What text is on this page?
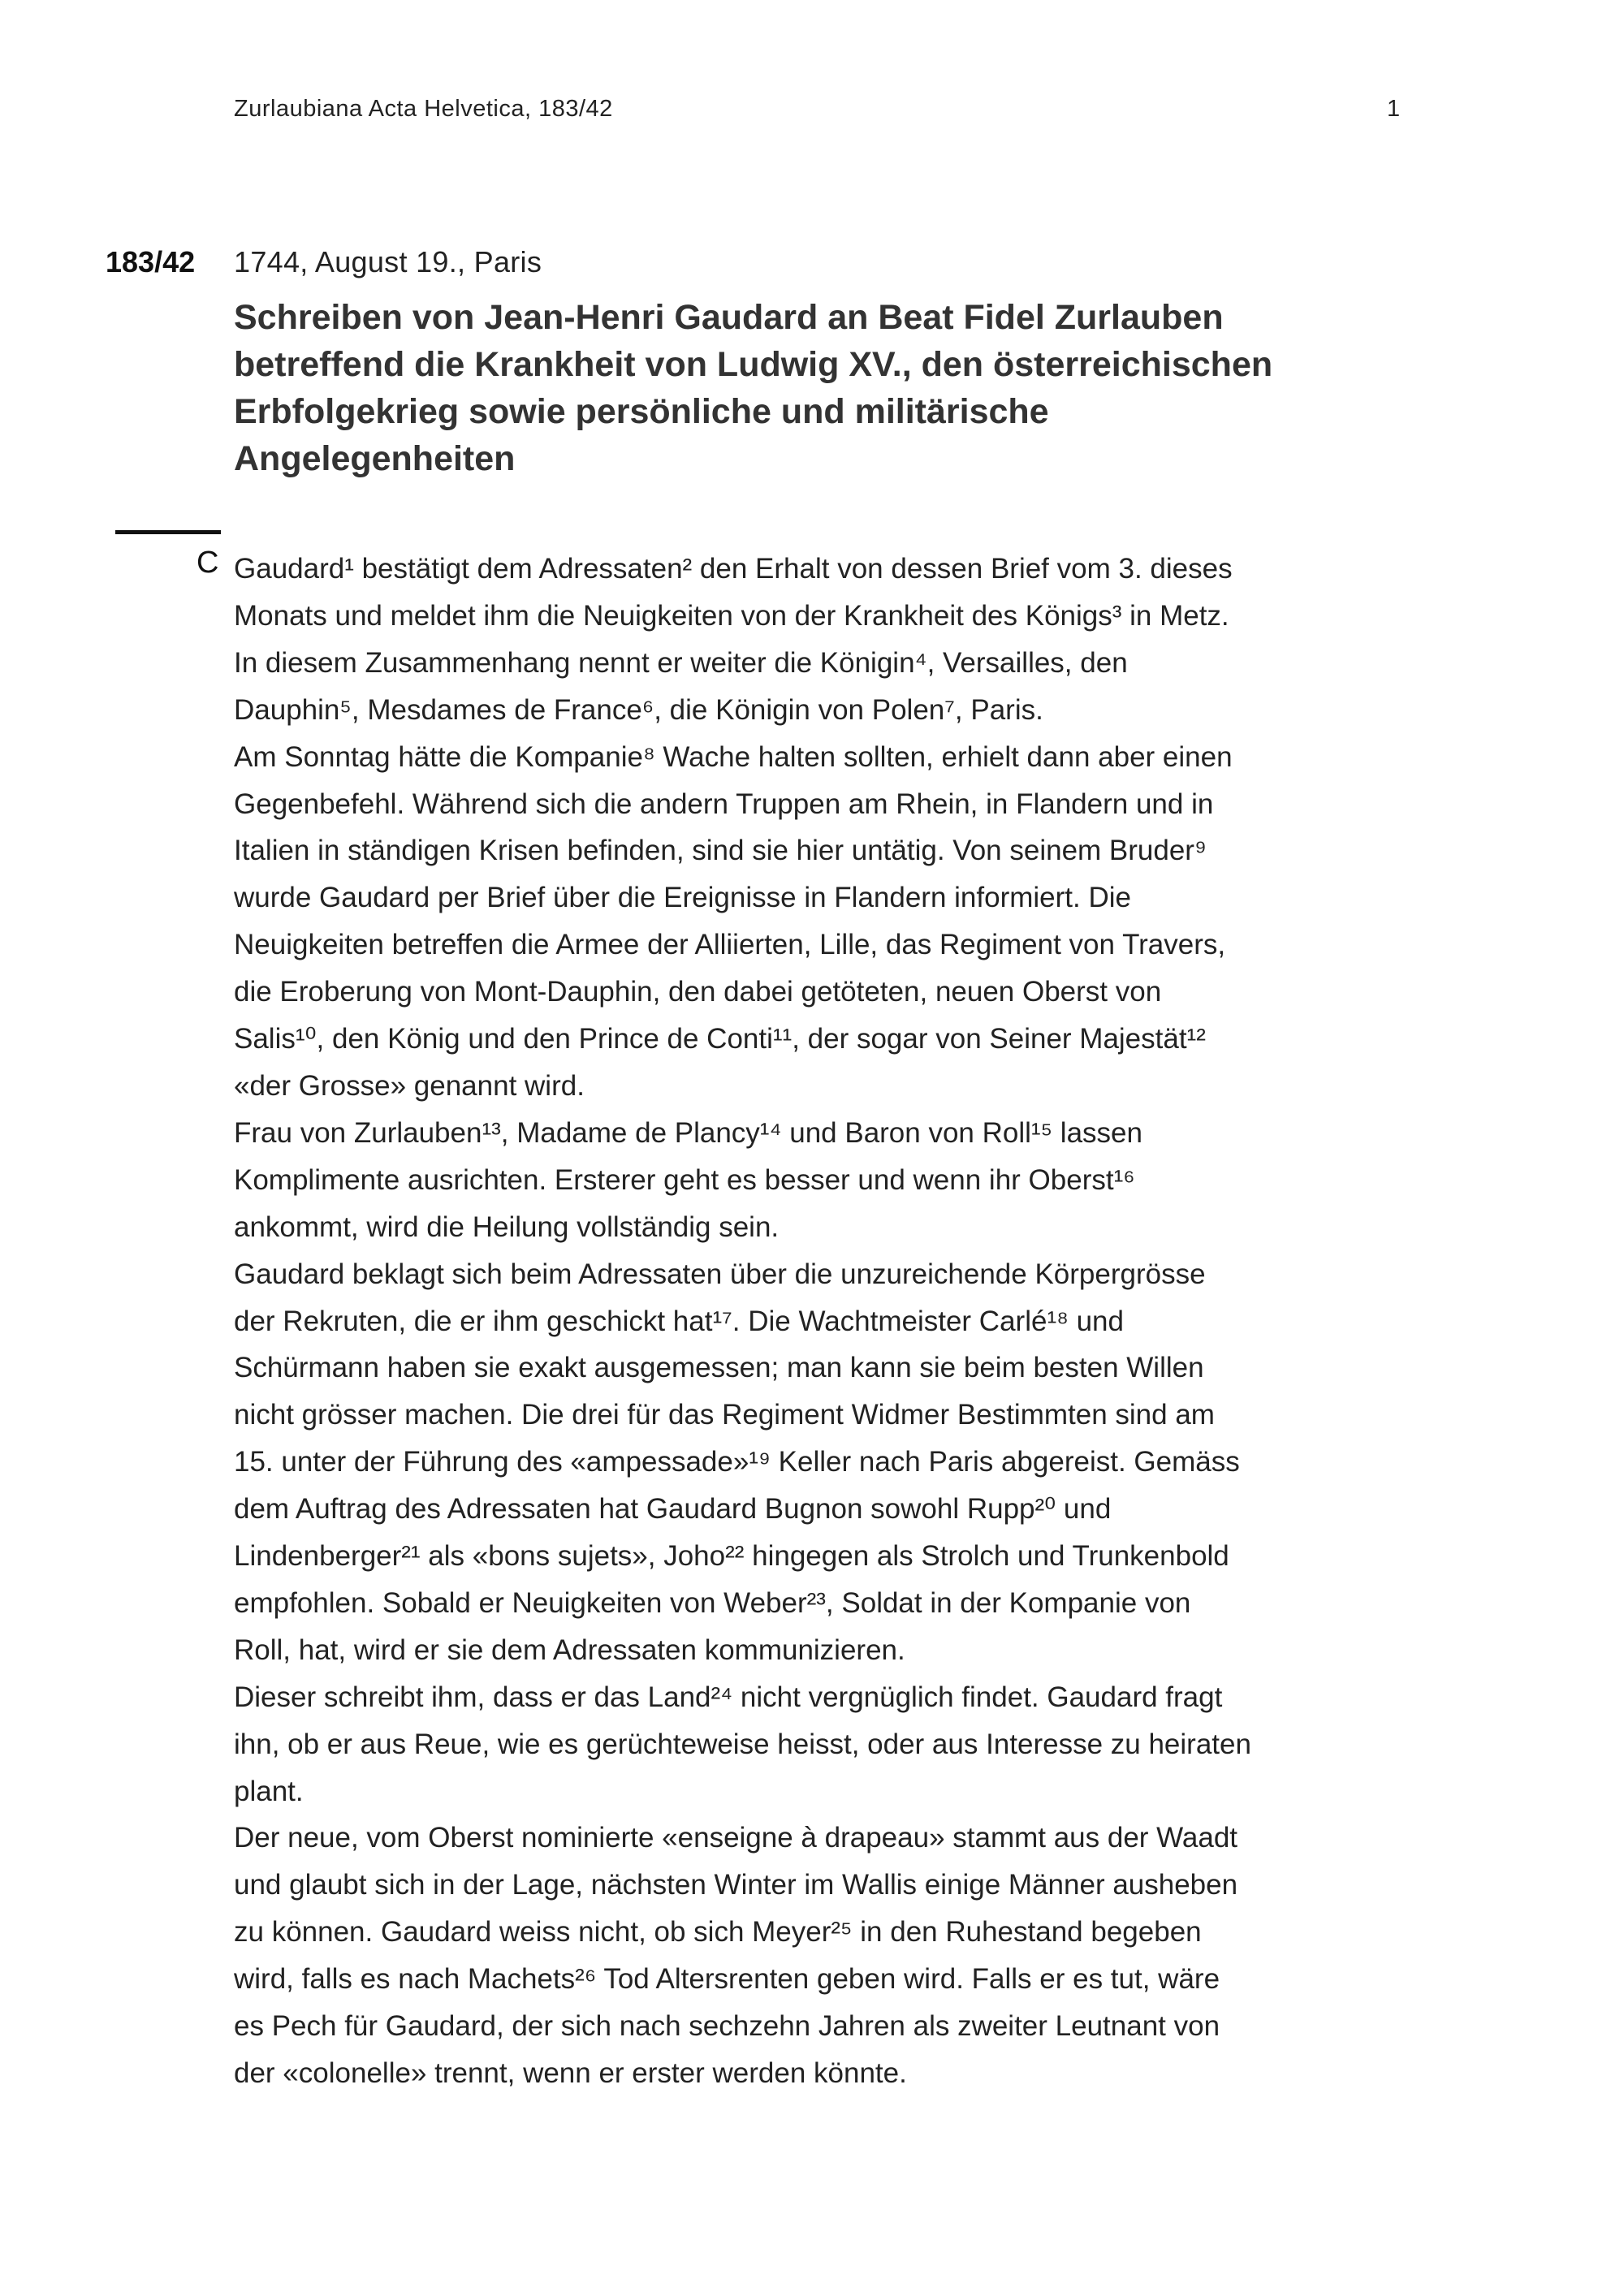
Zurlaubiana Acta Helvetica, 183/42	1
183/42 1744, August 19., Paris
Schreiben von Jean-Henri Gaudard an Beat Fidel Zurlauben
betreffend die Krankheit von Ludwig XV., den österreichischen
Erbfolgekrieg sowie persönliche und militärische
Angelegenheiten
C Gaudard¹ bestätigt dem Adressaten² den Erhalt von dessen Brief vom 3. dieses
Monats und meldet ihm die Neuigkeiten von der Krankheit des Königs³ in Metz.
In diesem Zusammenhang nennt er weiter die Königin⁴, Versailles, den
Dauphin⁵, Mesdames de France⁶, die Königin von Polen⁷, Paris.
Am Sonntag hätte die Kompanie⁸ Wache halten sollten, erhielt dann aber einen
Gegenbefehl. Während sich die andern Truppen am Rhein, in Flandern und in
Italien in ständigen Krisen befinden, sind sie hier untätig. Von seinem Bruder⁹
wurde Gaudard per Brief über die Ereignisse in Flandern informiert. Die
Neuigkeiten betreffen die Armee der Alliierten, Lille, das Regiment von Travers,
die Eroberung von Mont-Dauphin, den dabei getöteten, neuen Oberst von
Salis¹⁰, den König und den Prince de Conti¹¹, der sogar von Seiner Majestät¹²
«der Grosse» genannt wird.
Frau von Zurlauben¹³, Madame de Plancy¹⁴ und Baron von Roll¹⁵ lassen
Komplimente ausrichten. Ersterer geht es besser und wenn ihr Oberst¹⁶
ankommt, wird die Heilung vollständig sein.
Gaudard beklagt sich beim Adressaten über die unzureichende Körpergrösse
der Rekruten, die er ihm geschickt hat¹⁷. Die Wachtmeister Carlé¹⁸ und
Schürmann haben sie exakt ausgemessen; man kann sie beim besten Willen
nicht grösser machen. Die drei für das Regiment Widmer Bestimmten sind am
15. unter der Führung des «ampessade»¹⁹ Keller nach Paris abgereist. Gemäss
dem Auftrag des Adressaten hat Gaudard Bugnon sowohl Rupp²⁰ und
Lindenberger²¹ als «bons sujets», Joho²² hingegen als Strolch und Trunkenbold
empfohlen. Sobald er Neuigkeiten von Weber²³, Soldat in der Kompanie von
Roll, hat, wird er sie dem Adressaten kommunizieren.
Dieser schreibt ihm, dass er das Land²⁴ nicht vergnüglich findet. Gaudard fragt
ihn, ob er aus Reue, wie es gerüchteweise heisst, oder aus Interesse zu heiraten
plant.
Der neue, vom Oberst nominierte «enseigne à drapeau» stammt aus der Waadt
und glaubt sich in der Lage, nächsten Winter im Wallis einige Männer ausheben
zu können. Gaudard weiss nicht, ob sich Meyer²⁵ in den Ruhestand begeben
wird, falls es nach Machets²⁶ Tod Altersrenten geben wird. Falls er es tut, wäre
es Pech für Gaudard, der sich nach sechzehn Jahren als zweiter Leutnant von
der «colonelle» trennt, wenn er erster werden könnte.
